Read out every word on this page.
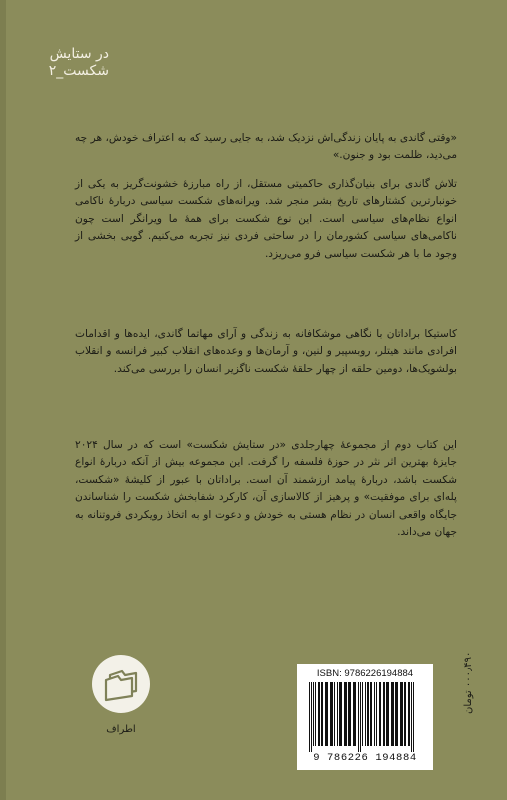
در ستایش
شکست_۲

«وقتی گاندی به پایان زندگی‌اش نزدیک شد، به جایی رسید که به اعتراف خودش، هر چه می‌دید، ظلمت بود و جنون.»

تلاش گاندی برای بنیان‌گذاری حاکمیتی مستقل، از راه مبارزهٔ خشونت‌گریز به یکی از خونبارترین کشتارهای تاریخ بشر منجر شد. ویرانه‌های شکست سیاسی دربارهٔ ناکامی انواع نظام‌های سیاسی است. این نوع شکست برای همهٔ ما ویرانگر است چون ناکامی‌های سیاسی کشورمان را در ساحتی فردی نیز تجربه می‌کنیم. گویی بخشی از وجود ما با هر شکست سیاسی فرو می‌ریزد.

کاستیکا براداتان با نگاهی موشکافانه به زندگی و آرای مهاتما گاندی، ایده‌ها و اقدامات افرادی مانند هیتلر، روبسپیر و لنین، و آرمان‌ها و وعده‌های انقلاب کبیر فرانسه و انقلاب بولشویک‌ها، دومین حلقه از چهار حلقهٔ شکست ناگزیر انسان را بررسی می‌کند.

این کتاب دوم از مجموعهٔ چهارجلدی «در ستایش شکست» است که در سال ۲۰۲۴ جایزهٔ بهترین اثر نثر در حوزهٔ فلسفه را گرفت. این مجموعه بیش از آنکه دربارهٔ انواع شکست باشد، دربارهٔ پیامد ارزشمند آن است. براداتان با عبور از کلیشهٔ «شکست، پله‌ای برای موفقیت» و پرهیز از کالاسازی آن، کارکرد شفابخش شکست را شناساندن جایگاه واقعی انسان در نظام هستی به خودش و دعوت او به اتخاذ رویکردی فروتنانه به جهان می‌داند.

اطراف
ISBN: 9786226194884
9 786226 194884
۰۰۰٫۴۹۰ تومان
